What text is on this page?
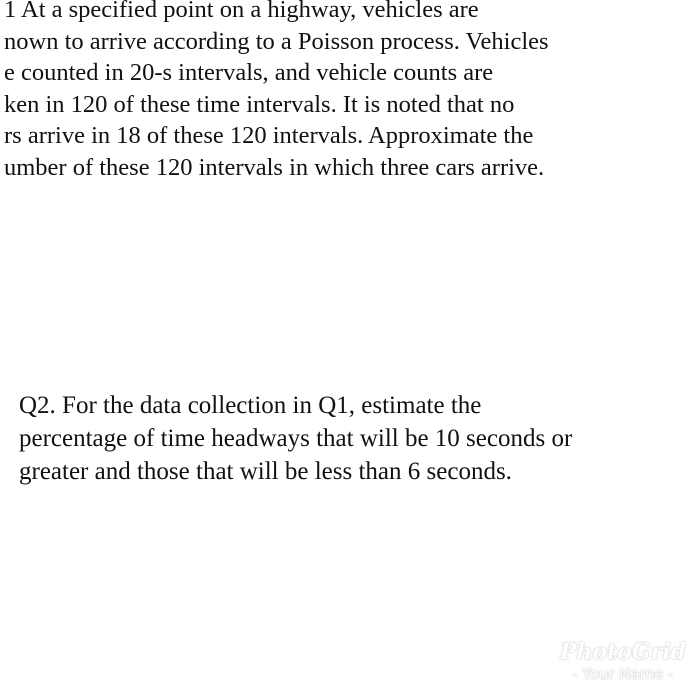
1 At a specified point on a highway, vehicles are
nown to arrive according to a Poisson process. Vehicles
e counted in 20-s intervals, and vehicle counts are
ken in 120 of these time intervals. It is noted that no
rs arrive in 18 of these 120 intervals. Approximate the
umber of these 120 intervals in which three cars arrive.
Q2. For the data collection in Q1, estimate the
percentage of time headways that will be 10 seconds or
greater and those that will be less than 6 seconds.
PhotoGrid
- Your Name -
